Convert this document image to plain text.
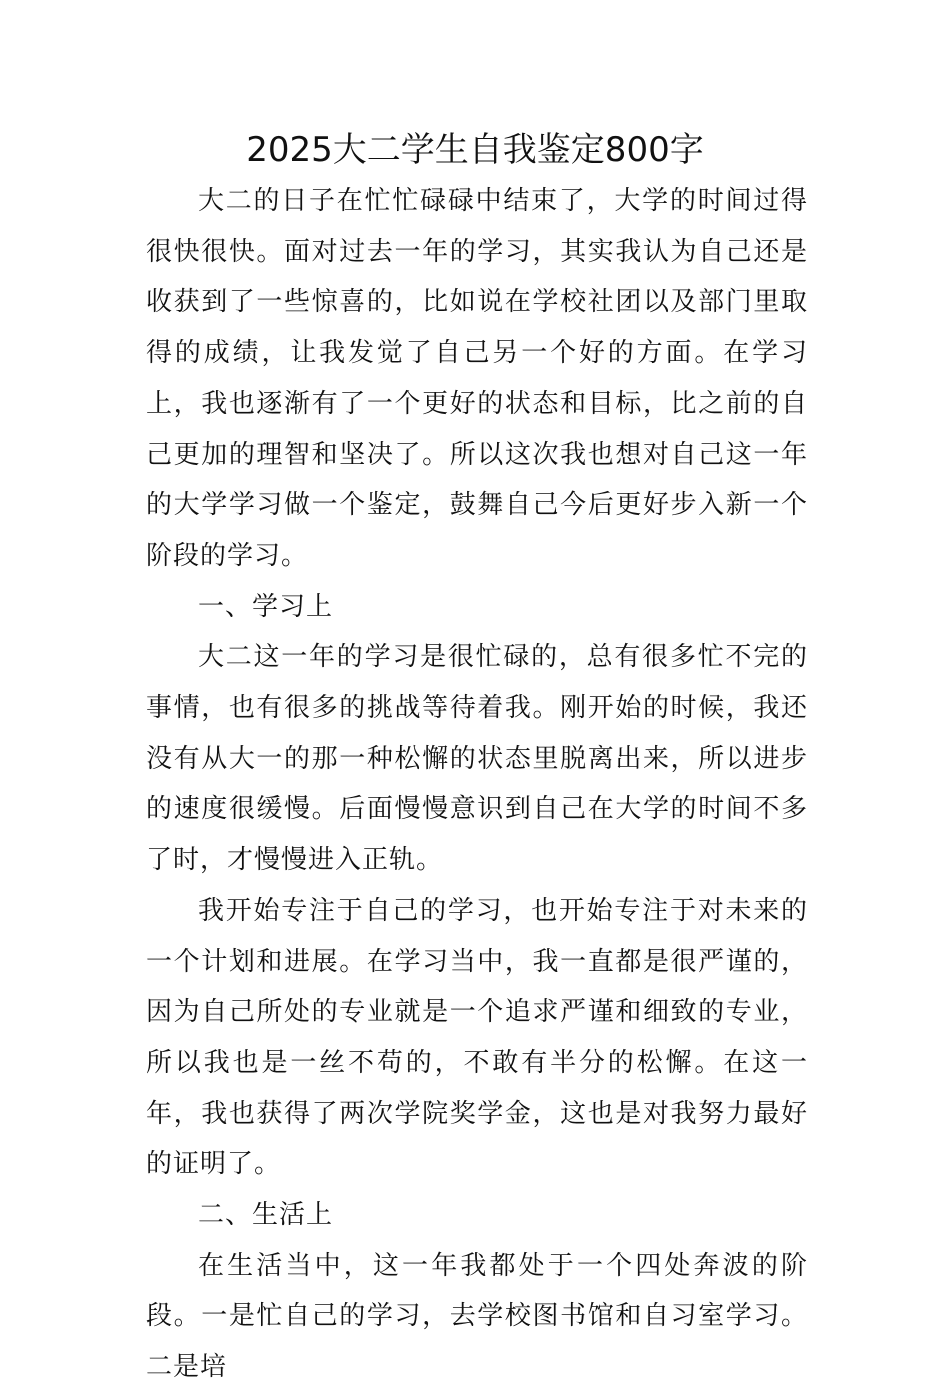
2025大二学生自我鉴定800字

大二的日子在忙忙碌碌中结束了，大学的时间过得很快很快。面对过去一年的学习，其实我认为自己还是收获到了一些惊喜的，比如说在学校社团以及部门里取得的成绩，让我发觉了自己另一个好的方面。在学习上，我也逐渐有了一个更好的状态和目标，比之前的自己更加的理智和坚决了。所以这次我也想对自己这一年的大学学习做一个鉴定，鼓舞自己今后更好步入新一个阶段的学习。

一、学习上

大二这一年的学习是很忙碌的，总有很多忙不完的事情，也有很多的挑战等待着我。刚开始的时候，我还没有从大一的那一种松懈的状态里脱离出来，所以进步的速度很缓慢。后面慢慢意识到自己在大学的时间不多了时，才慢慢进入正轨。

我开始专注于自己的学习，也开始专注于对未来的一个计划和进展。在学习当中，我一直都是很严谨的，因为自己所处的专业就是一个追求严谨和细致的专业，所以我也是一丝不苟的，不敢有半分的松懈。在这一年，我也获得了两次学院奖学金，这也是对我努力最好的证明了。

二、生活上

在生活当中，这一年我都处于一个四处奔波的阶段。一是忙自己的学习，去学校图书馆和自习室学习。二是培
